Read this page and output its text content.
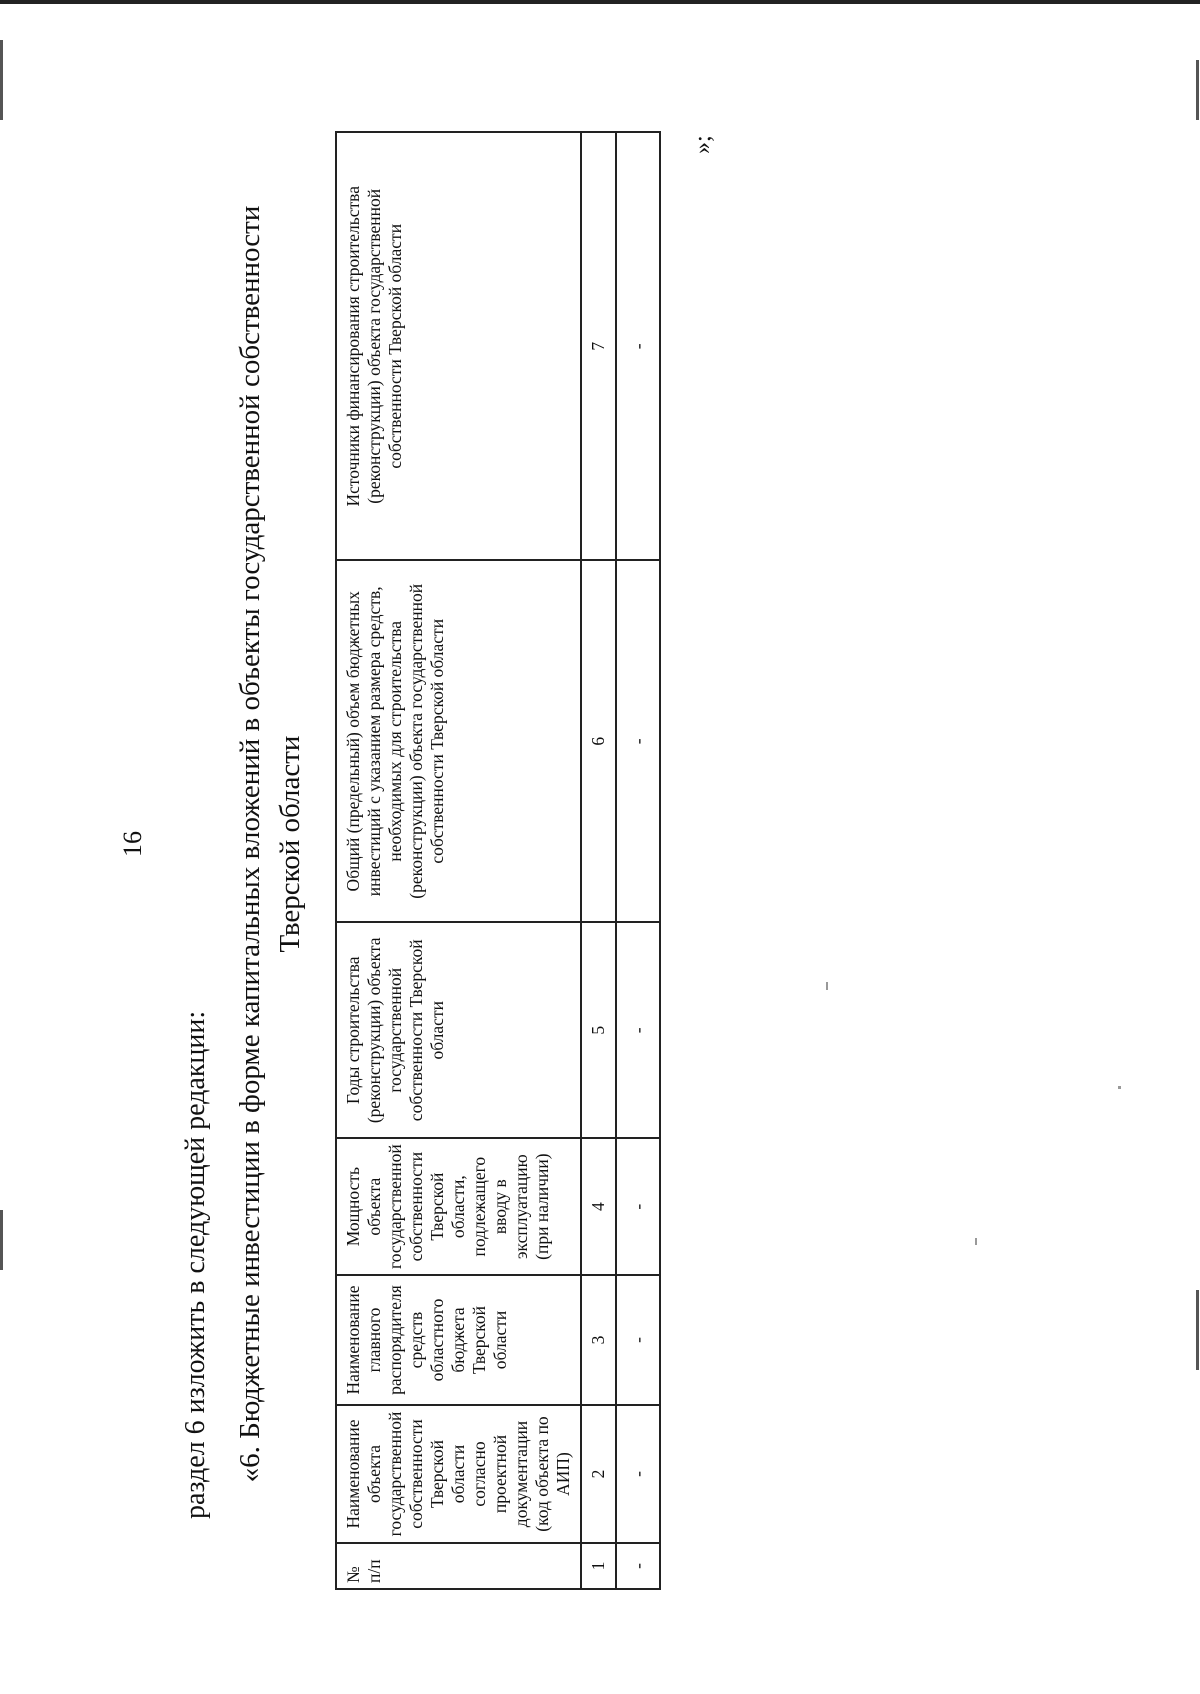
16
раздел 6 изложить в следующей редакции: «6. Бюджетные инвестиции в форме капитальных вложений в объекты государственной собственности Тверской области
№ п/п	Наименование объекта государственной собственности Тверской области согласно проектной документации (код объекта по АИП)	Наименование главного распорядителя средств областного бюджета Тверской области	Мощность объекта государственной собственности Тверской области, подлежащего вводу в эксплуатацию (при наличии)	Годы строительства (реконструкции) объекта государственной собственности Тверской области	Общий (предельный) объем бюджетных инвестиций с указанием размера средств, необходимых для строительства (реконструкции) объекта государственной собственности Тверской области	Источники финансирования строительства (реконструкции) объекта государственной собственности Тверской области
1	2	3	4	5	6	7
-	-	-	-	-	-	-
»;
